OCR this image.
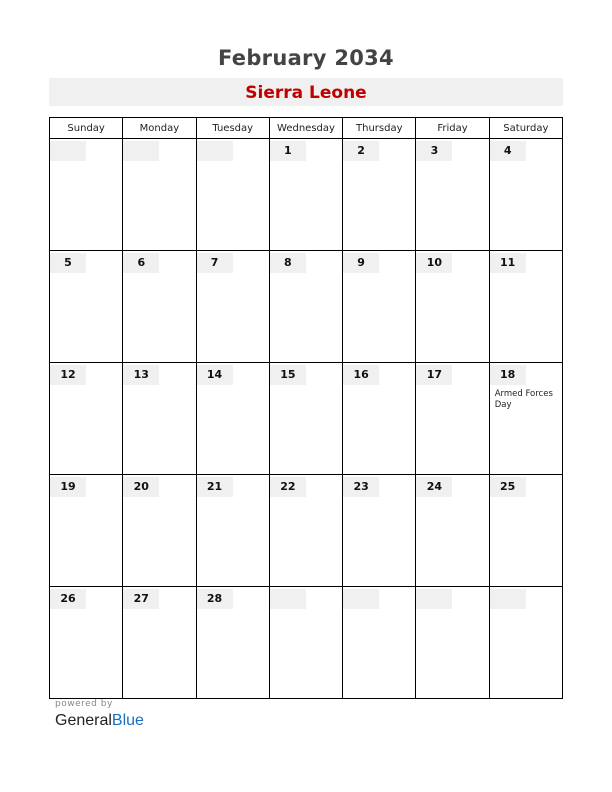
February 2034
Sierra Leone
Sunday	Monday	Tuesday	Wednesday	Thursday	Friday	Saturday

			1	2	3	4

5	6	7	8	9	10	11

12	13	14	15	16	17	18
Armed Forces Day

19	20	21	22	23	24	25

26	27	28				

powered by
GeneralBlue
